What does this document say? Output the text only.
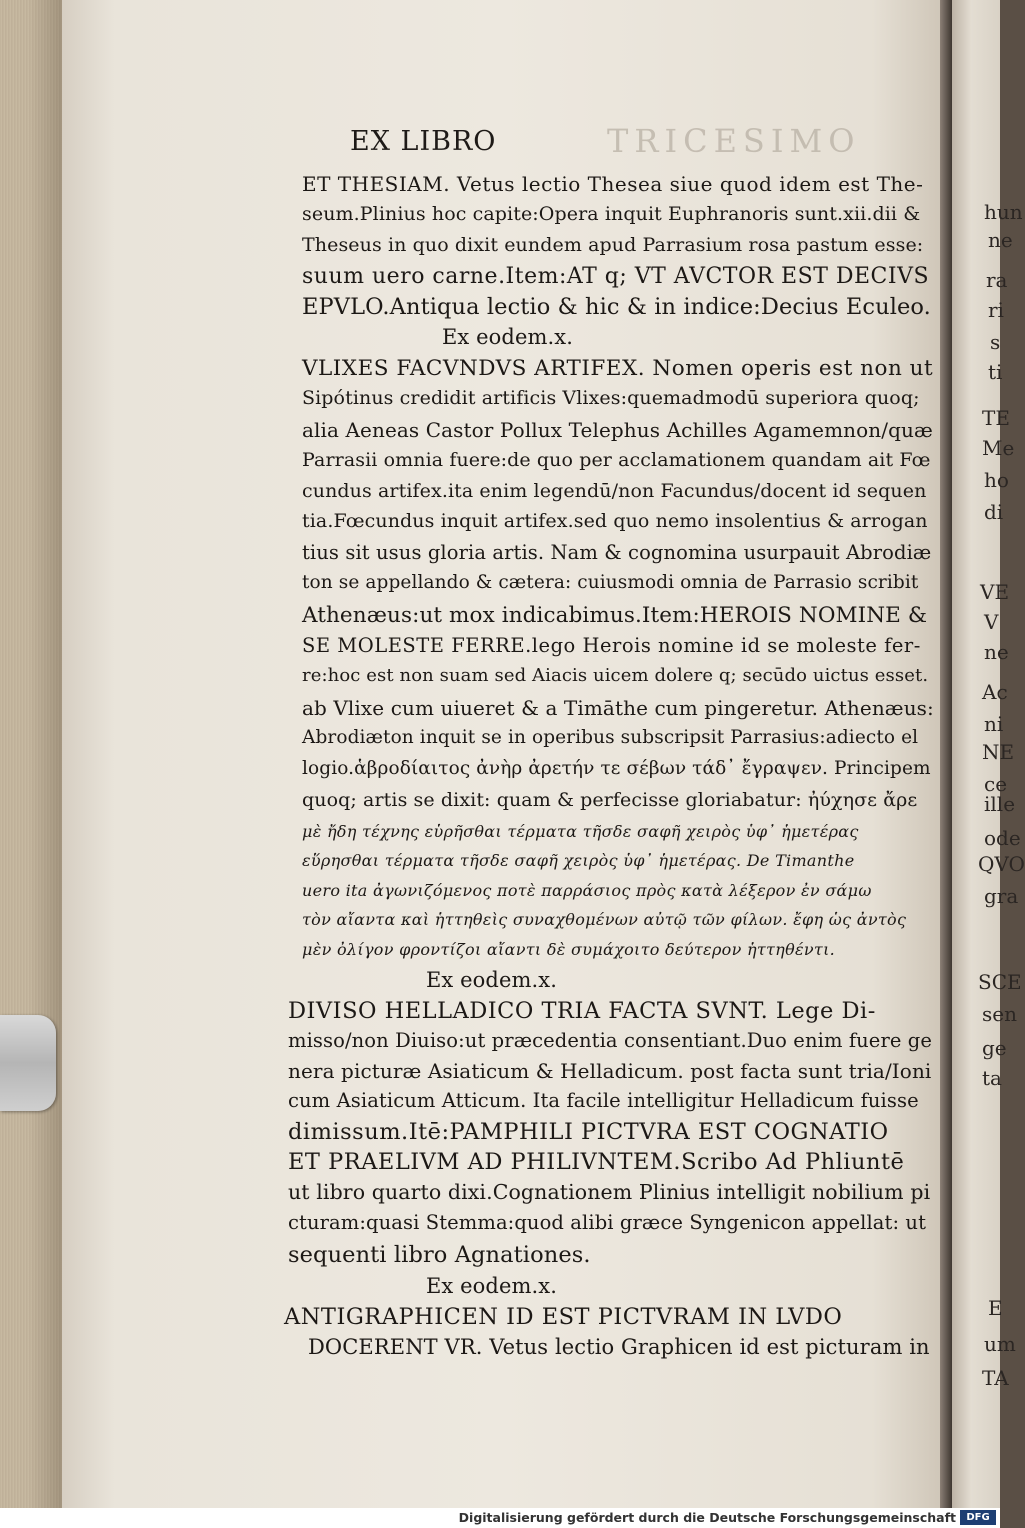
TRICESIMO
EX LIBRO
ET THESIAM. Vetus lectio Thesea siue quod idem est The-
seum.Plinius hoc capite:Opera inquit Euphranoris sunt.xii.dii &
Theseus in quo dixit eundem apud Parrasium rosa pastum esse:
suum uero carne.Item:AT q; VT AVCTOR EST DECIVS
EPVLO.Antiqua lectio & hic & in indice:Decius Eculeo.
Ex eodem.x.
VLIXES FACVNDVS ARTIFEX. Nomen operis est non ut
Sipótinus credidit artificis Vlixes:quemadmodū superiora quoq;
alia Aeneas Castor Pollux Telephus Achilles Agamemnon/quæ
Parrasii omnia fuere:de quo per acclamationem quandam ait Fœ
cundus artifex.ita enim legendū/non Facundus/docent id sequen
tia.Fœcundus inquit artifex.sed quo nemo insolentius & arrogan
tius sit usus gloria artis. Nam & cognomina usurpauit Abrodiæ
ton se appellando & cætera: cuiusmodi omnia de Parrasio scribit
Athenæus:ut mox indicabimus.Item:HEROIS NOMINE &
SE MOLESTE FERRE.lego Herois nomine id se moleste fer-
re:hoc est non suam sed Aiacis uicem dolere q; secūdo uictus esset.
ab Vlixe cum uiueret & a Timāthe cum pingeretur. Athenæus:
Abrodiæton inquit se in operibus subscripsit Parrasius:adiecto el
logio.ἁβροδίαιτος ἀνὴρ ἀρετήν τε σέβων τάδ᾽ ἔγραψεν. Principem
quoq; artis se dixit: quam & perfecisse gloriabatur: ἠύχησε ἄρε
μὲ ἤδη τέχνης εὑρῆσθαι τέρματα τῆσδε σαφῆ χειρὸς ὑφ᾽ ἡμετέρας
εὕρησθαι τέρματα τῆσδε σαφῆ χειρὸς ὑφ᾽ ἡμετέρας. De Timanthe
uero ita ἀγωνιζόμενος ποτὲ παρράσιος πρὸς κατὰ λέξερον ἐν σάμω
τὸν αἴαντα καὶ ἡττηθεὶς συναχθομένων αὐτῷ τῶν φίλων. ἔφη ὡς ἀντὸς
μὲν ὀλίγον φροντίζοι αἴαντι δὲ συμάχοιτο δεύτερον ἡττηθέντι.
Ex eodem.x.
DIVISO HELLADICO TRIA FACTA SVNT. Lege Di-
misso/non Diuiso:ut præcedentia consentiant.Duo enim fuere ge
nera picturæ Asiaticum & Helladicum. post facta sunt tria/Ioni
cum Asiaticum Atticum. Ita facile intelligitur Helladicum fuisse
dimissum.Itē:PAMPHILI PICTVRA EST COGNATIO
ET PRAELIVM AD PHILIVNTEM.Scribo Ad Phliuntē
ut libro quarto dixi.Cognationem Plinius intelligit nobilium pi
cturam:quasi Stemma:quod alibi græce Syngenicon appellat: ut
sequenti libro Agnationes.
Ex eodem.x.
ANTIGRAPHICEN ID EST PICTVRAM IN LVDO
DOCERENT VR. Vetus lectio Graphicen id est picturam in
hun
ne
ra
ri
s
ti
TE
Me
ho
di
VE
V
ne
Ac
ni
NE
ce
ille
ode
QVO
gra
SCE
sen
ge
ta
E
um
TA
Digitalisierung gefördert durch die Deutsche Forschungsgemeinschaft	DFG
